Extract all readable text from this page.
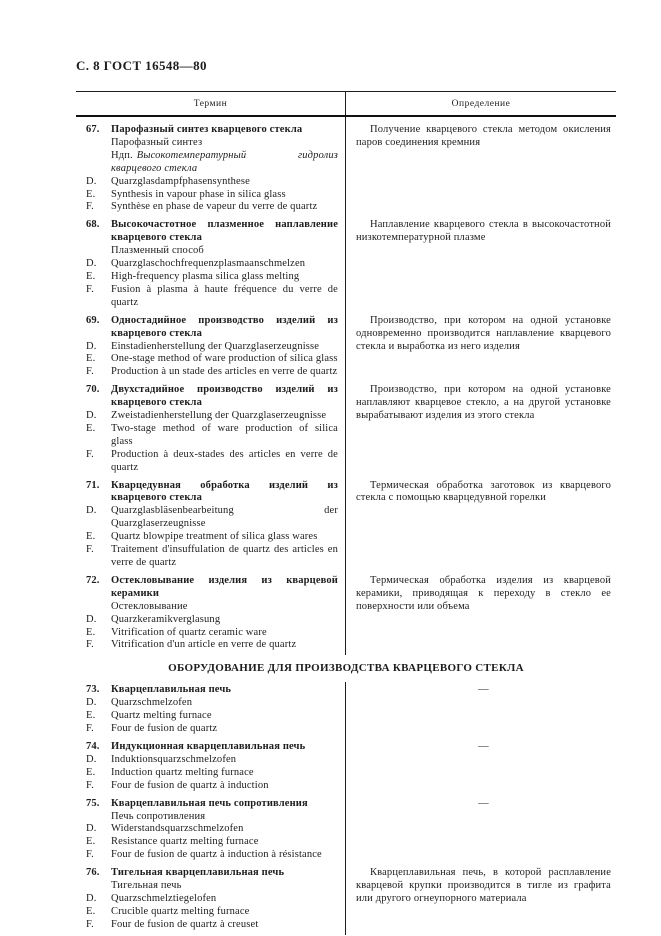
С. 8 ГОСТ 16548—80
Термин	Определение
67. Парофазный синтез кварцевого стекла
Парофазный синтез
Ндп. Высокотемпературный гидролиз кварцевого стекла
D. Quarzglasdampfphasensynthese
E. Synthesis in vapour phase in silica glass
F. Synthèse en phase de vapeur du verre de quartz
Получение кварцевого стекла методом окисления паров соединения кремния
68. Высокочастотное плазменное наплавление кварцевого стекла
Плазменный способ
D. Quarzglaschochfrequenzplasmaanschmelzen
E. High-frequency plasma silica glass melting
F. Fusion à plasma à haute fréquence du verre de quartz
Наплавление кварцевого стекла в высокочастотной низкотемпературной плазме
69. Одностадийное производство изделий из кварцевого стекла
D. Einstadienherstellung der Quarzglaserzeugnisse
E. One-stage method of ware production of silica glass
F. Production à un stade des articles en verre de quartz
Производство, при котором на одной установке одновременно производится наплавление кварцевого стекла и выработка из него изделия
70. Двухстадийное производство изделий из кварцевого стекла
D. Zweistadienherstellung der Quarzglaserzeugnisse
E. Two-stage method of ware production of silica glass
F. Production à deux-stades des articles en verre de quartz
Производство, при котором на одной установке наплавляют кварцевое стекло, а на другой установке вырабатывают изделия из этого стекла
71. Кварцедувная обработка изделий из кварцевого стекла
D. Quarzglasbläsenbearbeitung der Quarzglaserzeugnisse
E. Quartz blowpipe treatment of silica glass wares
F. Traitement d'insuffulation de quartz des articles en verre de quartz
Термическая обработка заготовок из кварцевого стекла с помощью кварцедувной горелки
72. Остекловывание изделия из кварцевой керамики
Остекловывание
D. Quarzkeramikverglasung
E. Vitrification of quartz ceramic ware
F. Vitrification d'un article en verre de quartz
Термическая обработка изделия из кварцевой керамики, приводящая к переходу в стекло ее поверхности или объема
ОБОРУДОВАНИЕ ДЛЯ ПРОИЗВОДСТВА КВАРЦЕВОГО СТЕКЛА
73. Кварцеплавильная печь
D. Quarzschmelzofen
E. Quartz melting furnace
F. Four de fusion de quartz
—
74. Индукционная кварцеплавильная печь
D. Induktionsquarzschmelzofen
E. Induction quartz melting furnace
F. Four de fusion de quartz à induction
—
75. Кварцеплавильная печь сопротивления
Печь сопротивления
D. Widerstandsquarzschmelzofen
E. Resistance quartz melting furnace
F. Four de fusion de quartz à induction à résistance
—
76. Тигельная кварцеплавильная печь
Тигельная печь
D. Quarzschmelztiegelofen
E. Crucible quartz melting furnace
F. Four de fusion de quartz à creuset
Кварцеплавильная печь, в которой расплавление кварцевой крупки производится в тигле из графита или другого огнеупорного материала
